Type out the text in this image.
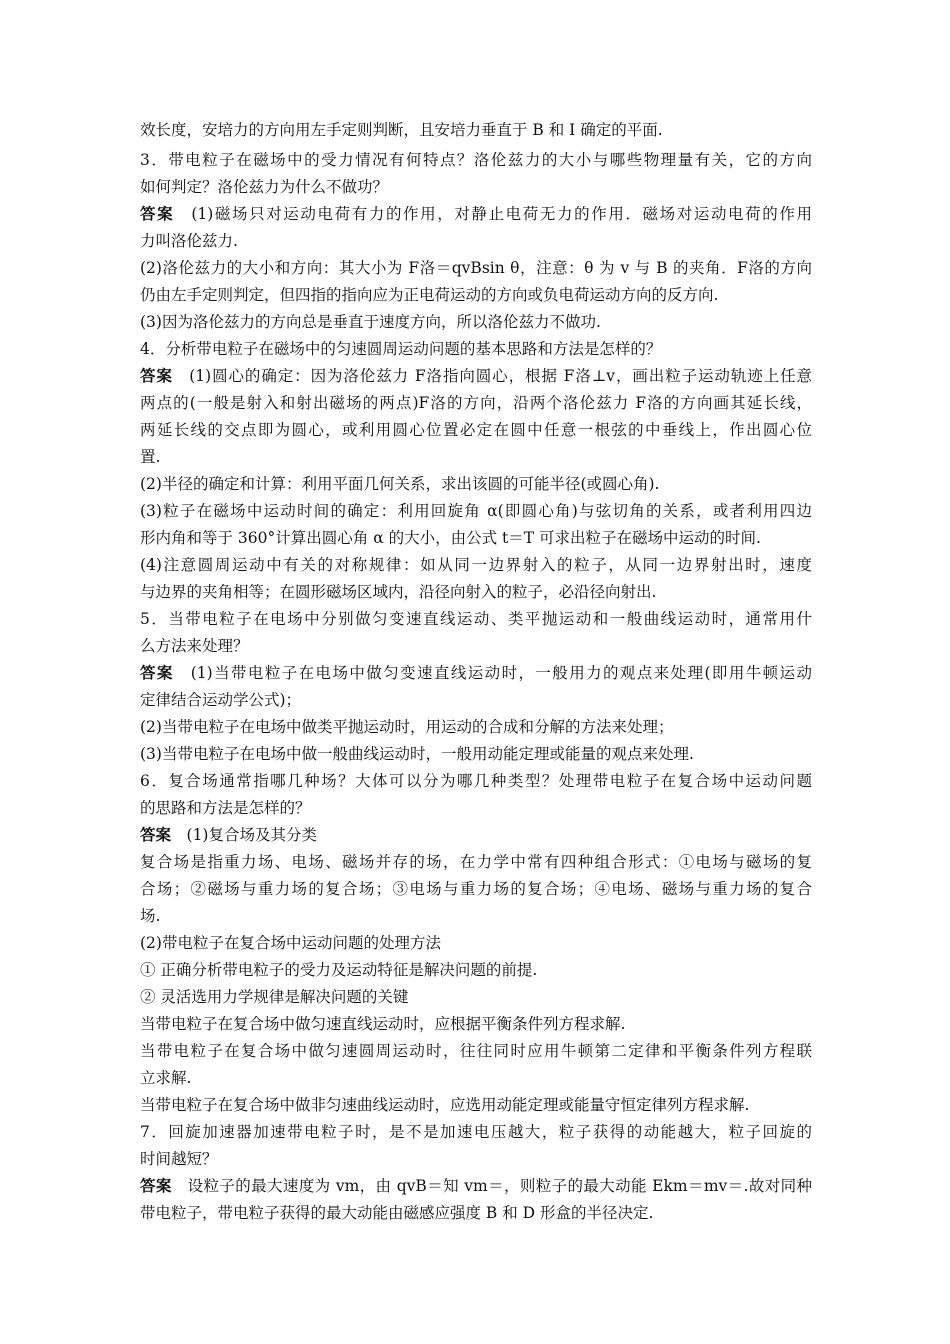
效长度，安培力的方向用左手定则判断，且安培力垂直于 B 和 I 确定的平面.
3．带电粒子在磁场中的受力情况有何特点？洛伦兹力的大小与哪些物理量有关，它的方向
如何判定？洛伦兹力为什么不做功？
答案　(1)磁场只对运动电荷有力的作用，对静止电荷无力的作用．磁场对运动电荷的作用
力叫洛伦兹力.
(2)洛伦兹力的大小和方向：其大小为 F洛＝qvBsin θ，注意：θ 为 v 与 B 的夹角．F洛的方向
仍由左手定则判定，但四指的指向应为正电荷运动的方向或负电荷运动方向的反方向.
(3)因为洛伦兹力的方向总是垂直于速度方向，所以洛伦兹力不做功.
4．分析带电粒子在磁场中的匀速圆周运动问题的基本思路和方法是怎样的？
答案　(1)圆心的确定：因为洛伦兹力 F洛指向圆心，根据 F洛⊥v，画出粒子运动轨迹上任意
两点的(一般是射入和射出磁场的两点)F洛的方向，沿两个洛伦兹力 F洛的方向画其延长线，
两延长线的交点即为圆心，或利用圆心位置必定在圆中任意一根弦的中垂线上，作出圆心位
置.
(2)半径的确定和计算：利用平面几何关系，求出该圆的可能半径(或圆心角).
(3)粒子在磁场中运动时间的确定：利用回旋角 α(即圆心角)与弦切角的关系，或者利用四边
形内角和等于 360°计算出圆心角 α 的大小，由公式 t＝T 可求出粒子在磁场中运动的时间.
(4)注意圆周运动中有关的对称规律：如从同一边界射入的粒子，从同一边界射出时，速度
与边界的夹角相等；在圆形磁场区域内，沿径向射入的粒子，必沿径向射出.
5．当带电粒子在电场中分别做匀变速直线运动、类平抛运动和一般曲线运动时，通常用什
么方法来处理？
答案　(1)当带电粒子在电场中做匀变速直线运动时，一般用力的观点来处理(即用牛顿运动
定律结合运动学公式)；
(2)当带电粒子在电场中做类平抛运动时，用运动的合成和分解的方法来处理；
(3)当带电粒子在电场中做一般曲线运动时，一般用动能定理或能量的观点来处理.
6．复合场通常指哪几种场？大体可以分为哪几种类型？处理带电粒子在复合场中运动问题
的思路和方法是怎样的？
答案　(1)复合场及其分类
复合场是指重力场、电场、磁场并存的场，在力学中常有四种组合形式：①电场与磁场的复
合场；②磁场与重力场的复合场；③电场与重力场的复合场；④电场、磁场与重力场的复合
场.
(2)带电粒子在复合场中运动问题的处理方法
① 正确分析带电粒子的受力及运动特征是解决问题的前提.
② 灵活选用力学规律是解决问题的关键
当带电粒子在复合场中做匀速直线运动时，应根据平衡条件列方程求解.
当带电粒子在复合场中做匀速圆周运动时，往往同时应用牛顿第二定律和平衡条件列方程联
立求解.
当带电粒子在复合场中做非匀速曲线运动时，应选用动能定理或能量守恒定律列方程求解.
7．回旋加速器加速带电粒子时，是不是加速电压越大，粒子获得的动能越大，粒子回旋的
时间越短？
答案　设粒子的最大速度为 vm，由 qvB＝知 vm＝，则粒子的最大动能 Ekm＝mv＝.故对同种
带电粒子，带电粒子获得的最大动能由磁感应强度 B 和 D 形盒的半径决定.
